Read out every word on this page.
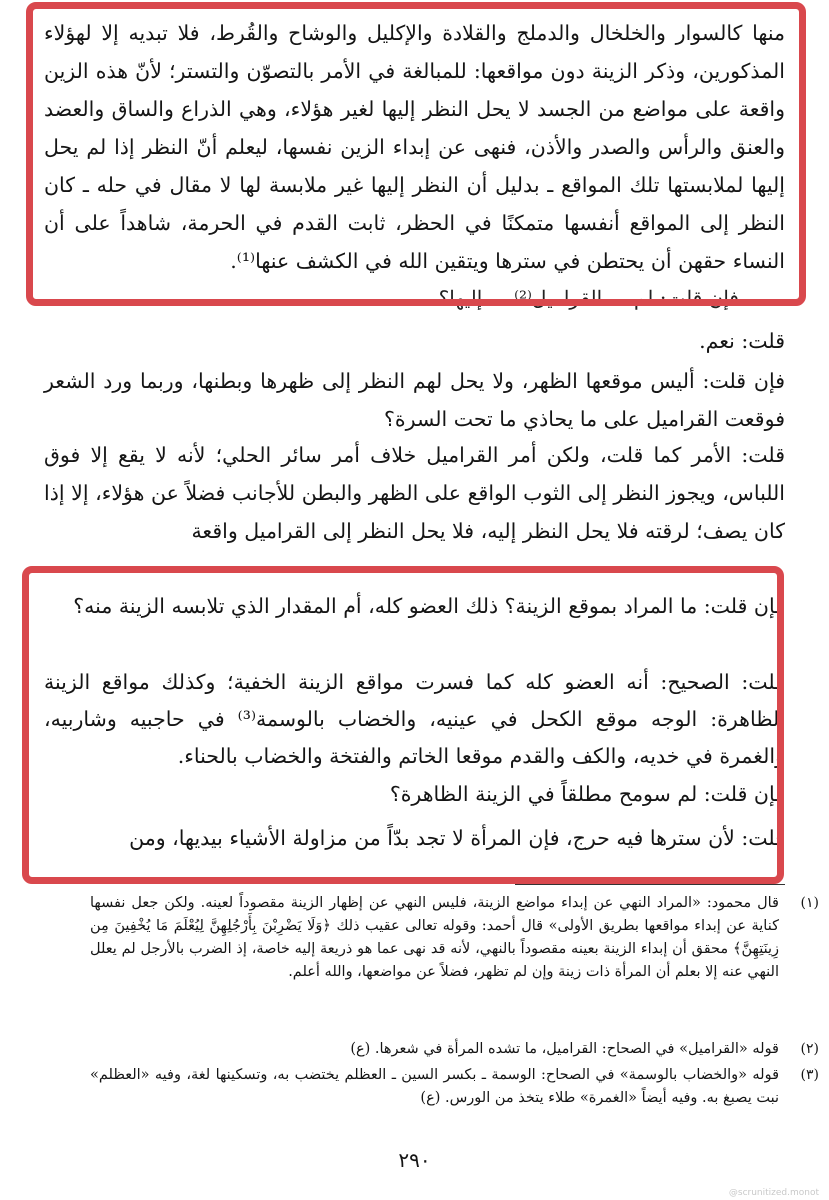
منها كالسوار والخلخال والدملج والقلادة والإكليل والوشاح والقُرط، فلا تبديه إلا لهؤلاء المذكورين، وذكر الزينة دون مواقعها: للمبالغة في الأمر بالتصوّن والتستر؛ لأنّ هذه الزين واقعة على مواضع من الجسد لا يحل النظر إليها لغير هؤلاء، وهي الذراع والساق والعضد والعنق والرأس والصدر والأذن، فنهى عن إبداء الزين نفسها، ليعلم أنّ النظر إذا لم يحل إليها لملابستها تلك المواقع ـ بدليل أن النظر إليها غير ملابسة لها لا مقال في حله ـ كان النظر إلى المواقع أنفسها متمكنًا في الحظر، ثابت القدم في الحرمة، شاهداً على أن النساء حقهن أن يحتطن في سترها ويتقين الله في الكشف عنها⁽¹⁾.

فإن قلت: لم ... القراميل⁽²⁾ ... إليها؟

قلت: نعم.

فإن قلت: أليس موقعها الظهر، ولا يحل لهم النظر إلى ظهرها وبطنها، وربما ورد الشعر فوقعت القراميل على ما يحاذي ما تحت السرة؟

قلت: الأمر كما قلت، ولكن أمر القراميل خلاف أمر سائر الحلي؛ لأنه لا يقع إلا فوق اللباس، ويجوز النظر إلى الثوب الواقع على الظهر والبطن للأجانب فضلاً عن هؤلاء، إلا إذا كان يصف؛ لرقته فلا يحل النظر إليه، فلا يحل النظر إلى القراميل واقعة

فإن قلت: ما المراد بموقع الزينة؟ ذلك العضو كله، أم المقدار الذي تلابسه الزينة منه؟

قلت: الصحيح: أنه العضو كله كما فسرت مواقع الزينة الخفية؛ وكذلك مواقع الزينة الظاهرة: الوجه موقع الكحل في عينيه، والخضاب بالوسمة⁽³⁾ في حاجبيه وشاربيه، والغمرة في خديه، والكف والقدم موقعا الخاتم والفتخة والخضاب بالحناء.

فإن قلت: لم سومح مطلقاً في الزينة الظاهرة؟

قلت: لأن سترها فيه حرج، فإن المرأة لا تجد بدّاً من مزاولة الأشياء بيديها، ومن

(١)
قال محمود: «المراد النهي عن إبداء مواضع الزينة، فليس النهي عن إظهار الزينة مقصوداً لعينه. ولكن جعل نفسها كناية عن إبداء مواقعها بطريق الأولى» قال أحمد: وقوله تعالى عقيب ذلك ﴿وَلَا يَضْرِبْنَ بِأَرْجُلِهِنَّ لِيُعْلَمَ مَا يُخْفِينَ مِن زِينَتِهِنَّ﴾ محقق أن إبداء الزينة بعينه مقصوداً بالنهي، لأنه قد نهى عما هو ذريعة إليه خاصة، إذ الضرب بالأرجل لم يعلل النهي عنه إلا بعلم أن المرأة ذات زينة وإن لم تظهر، فضلاً عن مواضعها، والله أعلم.
(٢)
قوله «القراميل» في الصحاح: القراميل، ما تشده المرأة في شعرها. (ع)
(٣)
قوله «والخضاب بالوسمة» في الصحاح: الوسمة ـ بكسر السين ـ العظلم يختضب به، وتسكينها لغة، وفيه «العظلم» نبت يصبغ به. وفيه أيضاً «الغمرة» طلاء يتخذ من الورس. (ع)
٢٩٠
@scrunitized.monot
